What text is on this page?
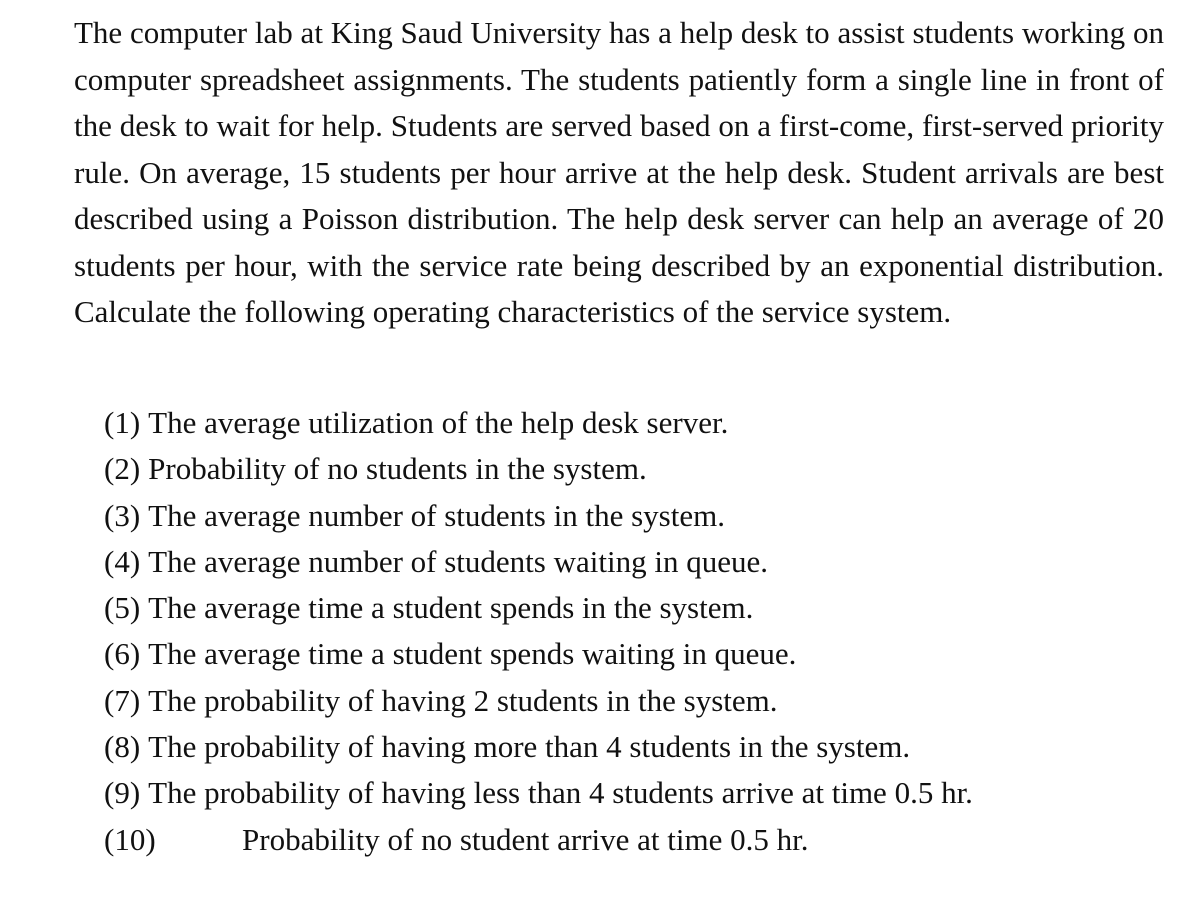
The computer lab at King Saud University has a help desk to assist students working on computer spreadsheet assignments. The students patiently form a single line in front of the desk to wait for help. Students are served based on a first-come, first-served priority rule. On average, 15 students per hour arrive at the help desk. Student arrivals are best described using a Poisson distribution. The help desk server can help an average of 20 students per hour, with the service rate being described by an exponential distribution. Calculate the following operating characteristics of the service system.

(1) The average utilization of the help desk server.
(2) Probability of no students in the system.
(3) The average number of students in the system.
(4) The average number of students waiting in queue.
(5) The average time a student spends in the system.
(6) The average time a student spends waiting in queue.
(7) The probability of having 2 students in the system.
(8) The probability of having more than 4 students in the system.
(9) The probability of having less than 4 students arrive at time 0.5 hr.
(10)	Probability of no student arrive at time 0.5 hr.
